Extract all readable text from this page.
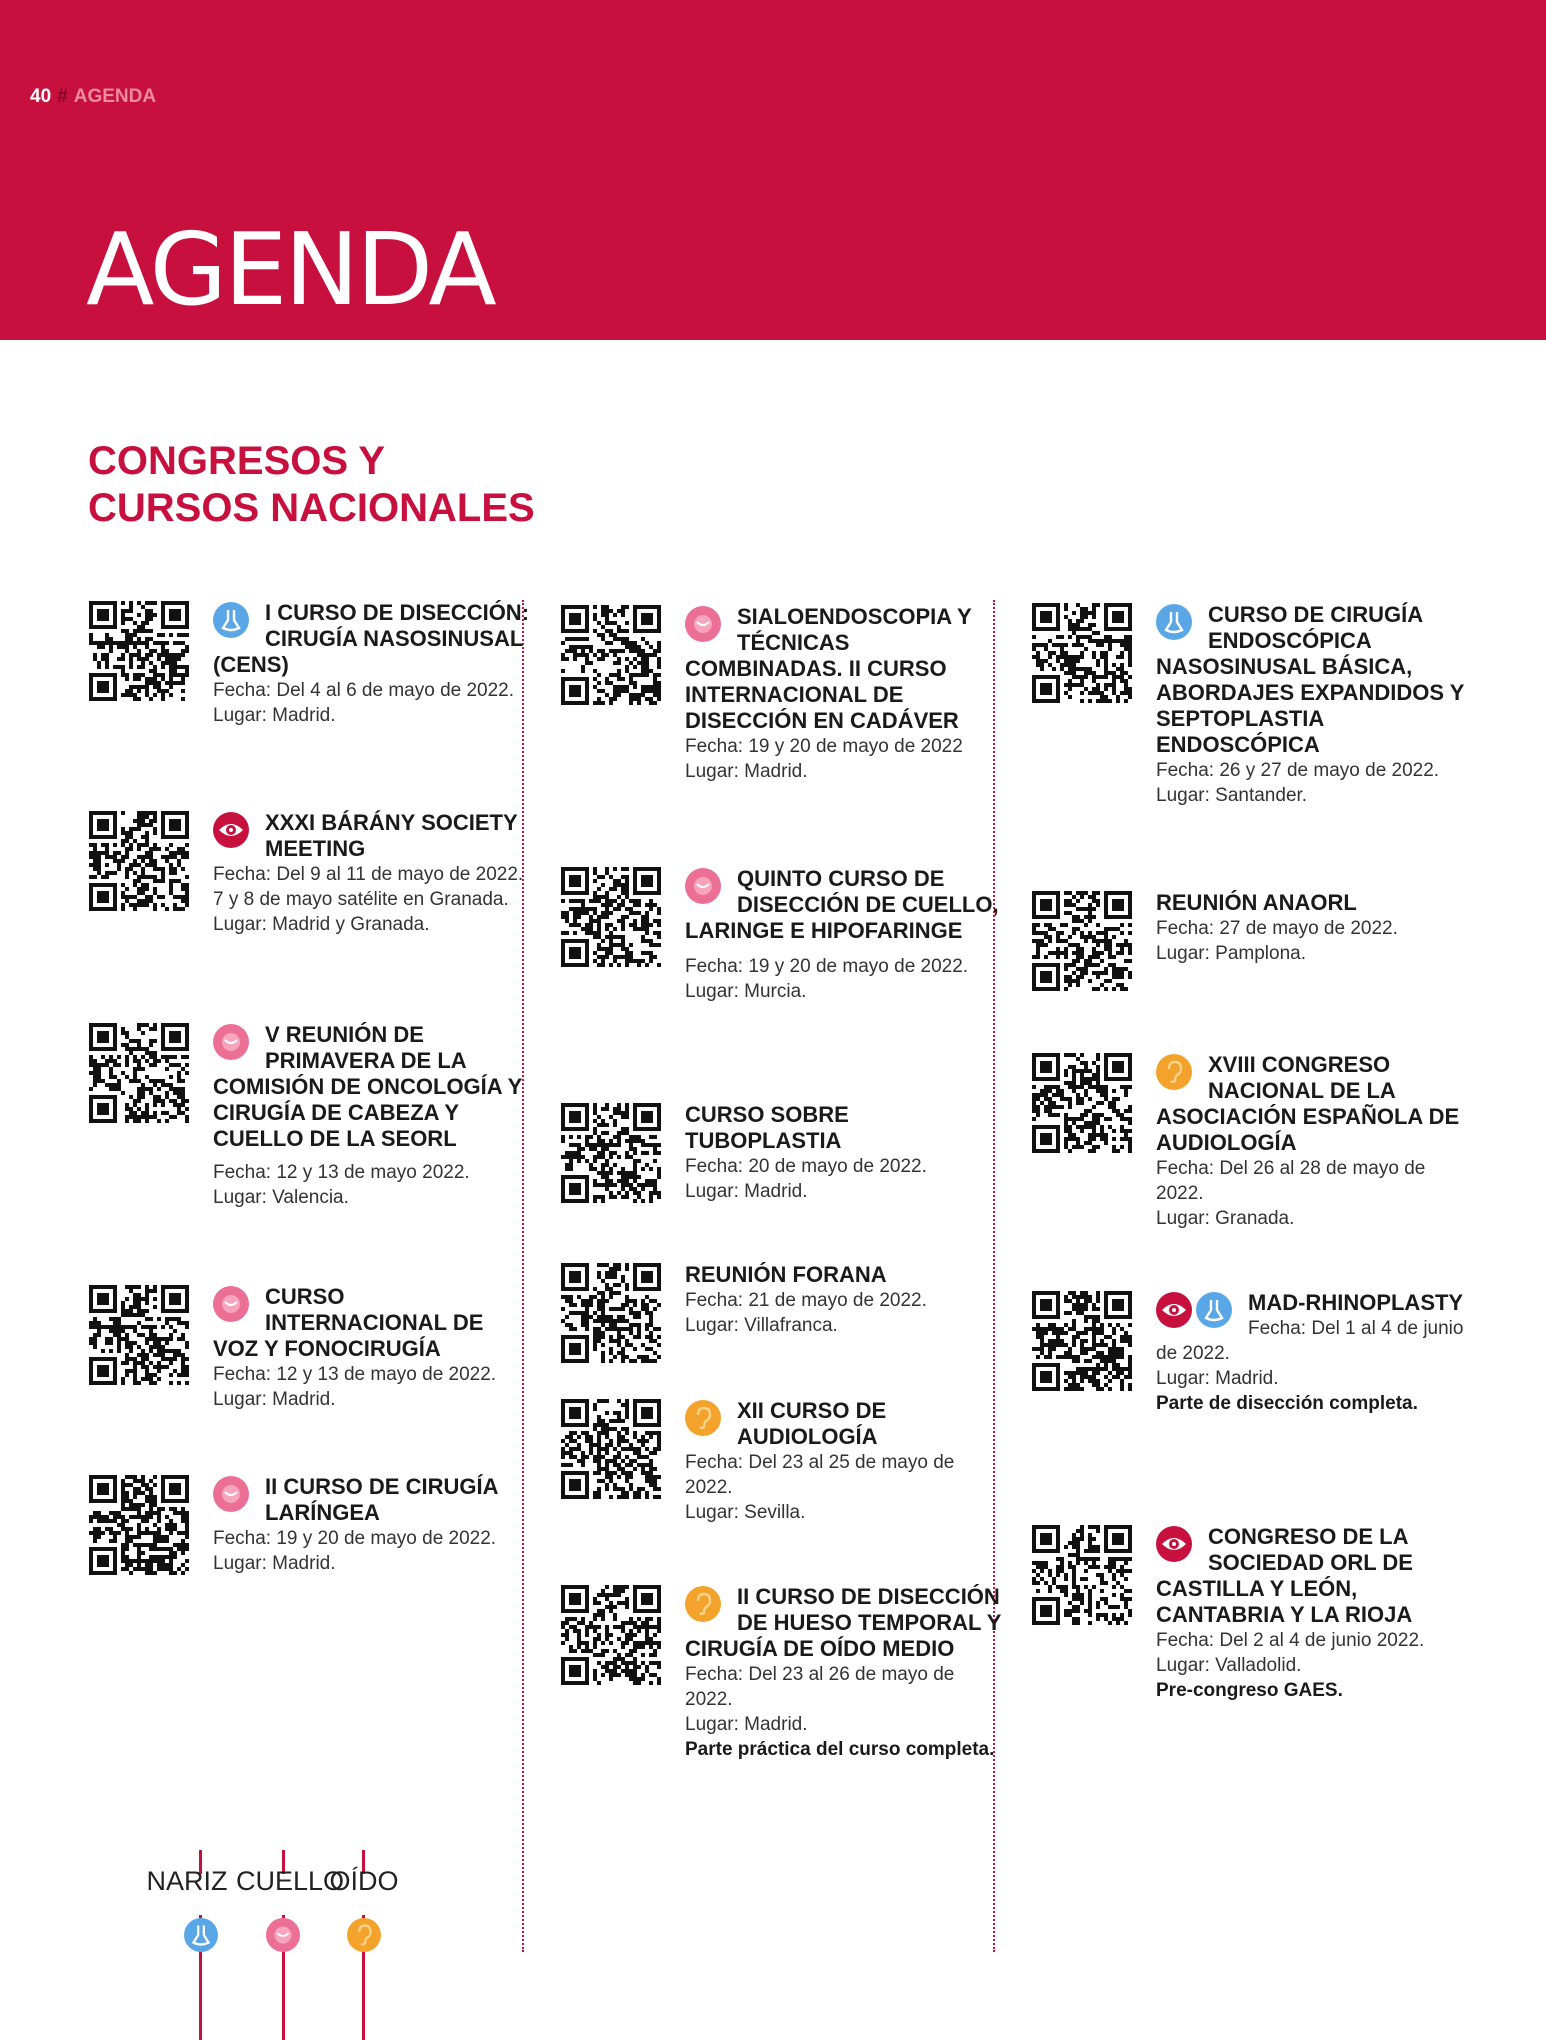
40 # AGENDA
AGENDA
CONGRESOS Y
CURSOS NACIONALES
I CURSO DE DISECCIÓN: CIRUGÍA NASOSINUSAL (CENS)
Fecha: Del 4 al 6 de mayo de 2022.
Lugar: Madrid.
XXXI BÁRÁNY SOCIETY MEETING
Fecha: Del 9 al 11 de mayo de 2022. 7 y 8 de mayo satélite en Granada.
Lugar: Madrid y Granada.
V REUNIÓN DE PRIMAVERA DE LA COMISIÓN DE ONCOLOGÍA Y CIRUGÍA DE CABEZA Y CUELLO DE LA SEORL
Fecha: 12 y 13 de mayo 2022.
Lugar: Valencia.
CURSO INTERNACIONAL DE VOZ Y FONOCIRUGÍA
Fecha: 12 y 13 de mayo de 2022.
Lugar: Madrid.
II CURSO DE CIRUGÍA LARÍNGEA
Fecha: 19 y 20 de mayo de 2022.
Lugar: Madrid.
SIALOENDOSCOPIA Y TÉCNICAS COMBINADAS. II CURSO INTERNACIONAL DE DISECCIÓN EN CADÁVER
Fecha: 19 y 20 de mayo de 2022
Lugar: Madrid.
QUINTO CURSO DE DISECCIÓN DE CUELLO, LARINGE E HIPOFARINGE
Fecha: 19 y 20 de mayo de 2022.
Lugar: Murcia.
CURSO SOBRE TUBOPLASTIA
Fecha: 20 de mayo de 2022.
Lugar: Madrid.
REUNIÓN FORANA
Fecha: 21 de mayo de 2022.
Lugar: Villafranca.
XII CURSO DE AUDIOLOGÍA
Fecha: Del 23 al 25 de mayo de 2022.
Lugar: Sevilla.
II CURSO DE DISECCIÓN DE HUESO TEMPORAL Y CIRUGÍA DE OÍDO MEDIO
Fecha: Del 23 al 26 de mayo de 2022.
Lugar: Madrid.
Parte práctica del curso completa.
CURSO DE CIRUGÍA ENDOSCÓPICA NASOSINUSAL BÁSICA, ABORDAJES EXPANDIDOS Y SEPTOPLASTIA ENDOSCÓPICA
Fecha: 26 y 27 de mayo de 2022.
Lugar: Santander.
REUNIÓN ANAORL
Fecha: 27 de mayo de 2022.
Lugar: Pamplona.
XVIII CONGRESO NACIONAL DE LA ASOCIACIÓN ESPAÑOLA DE AUDIOLOGÍA
Fecha: Del 26 al 28 de mayo de 2022.
Lugar: Granada.
MAD-RHINOPLASTY
Fecha: Del 1 al 4 de junio de 2022.
Lugar: Madrid.
Parte de disección completa.
CONGRESO DE LA SOCIEDAD ORL DE CASTILLA Y LEÓN, CANTABRIA Y LA RIOJA
Fecha: Del 2 al 4 de junio 2022.
Lugar: Valladolid.
Pre-congreso GAES.
NARIZ CUELLO
OÍDO
